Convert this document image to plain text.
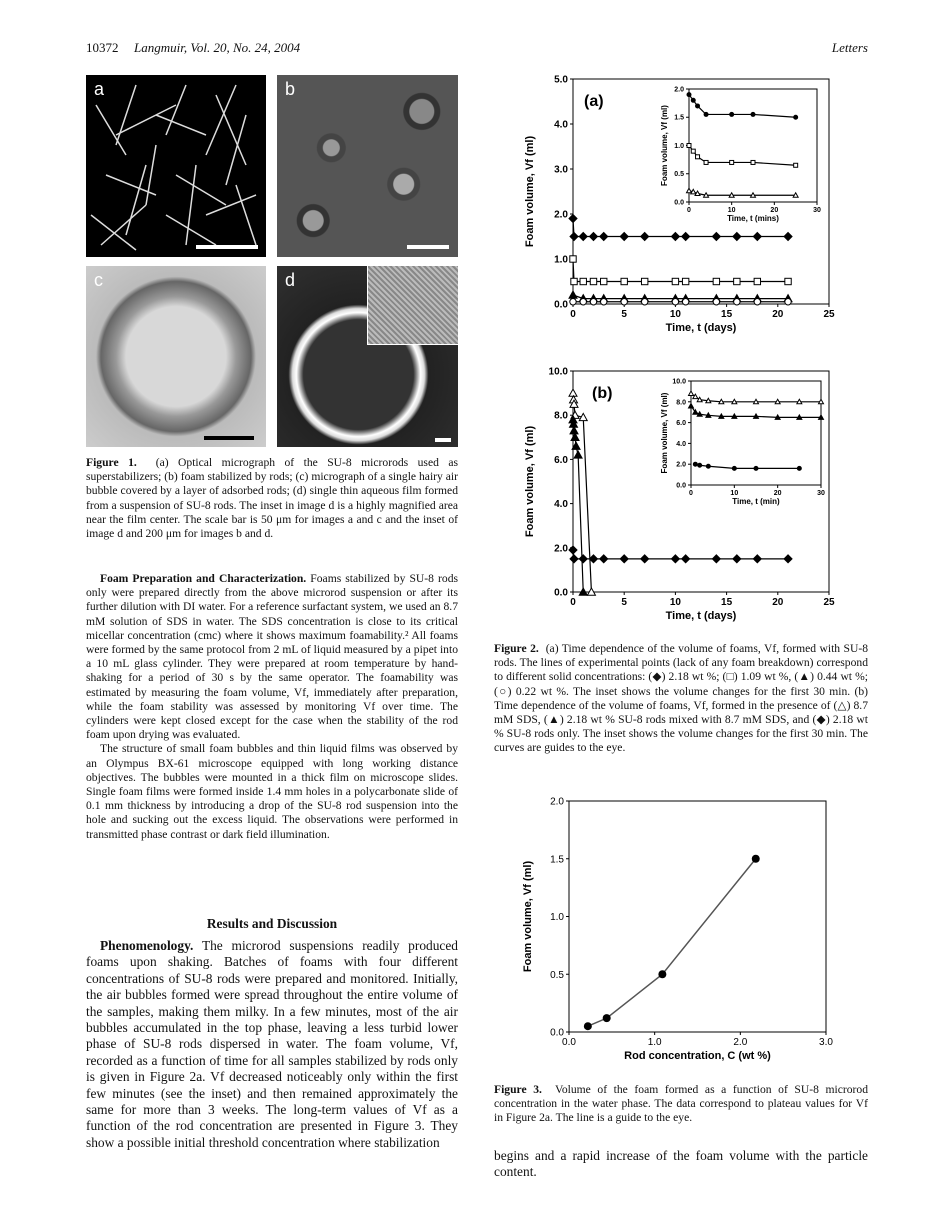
10372 Langmuir, Vol. 20, No. 24, 2004	Letters
a	b
c	d
Figure 1. (a) Optical micrograph of the SU-8 microrods used as superstabilizers; (b) foam stabilized by rods; (c) micrograph of a single hairy air bubble covered by a layer of adsorbed rods; (d) single thin aqueous film formed from a suspension of SU-8 rods. The inset in image d is a highly magnified area near the film center. The scale bar is 50 μm for images a and c and the inset of image d and 200 μm for images b and d.

Foam Preparation and Characterization. Foams stabilized by SU-8 rods only were prepared directly from the above microrod suspension or after its further dilution with DI water. For a reference surfactant system, we used an 8.7 mM solution of SDS in water. The SDS concentration is close to its critical micellar concentration (cmc) where it shows maximum foamability.² All foams were formed by the same protocol from 2 mL of liquid measured by a pipet into a 10 mL glass cylinder. They were prepared at room temperature by hand-shaking for a period of 30 s by the same operator. The foamability was estimated by measuring the foam volume, Vf, immediately after preparation, while the foam stability was assessed by monitoring Vf over time. The cylinders were kept closed except for the case when the stability of the rod foam upon drying was evaluated.

The structure of small foam bubbles and thin liquid films was observed by an Olympus BX-61 microscope equipped with long working distance objectives. The bubbles were mounted in a thick film on microscope slides. Single foam films were formed inside 1.4 mm holes in a polycarbonate slide of 0.1 mm thickness by introducing a drop of the SU-8 rod suspension into the hole and sucking out the excess liquid. The observations were performed in transmitted phase contrast or dark field illumination.

Results and Discussion

Phenomenology. The microrod suspensions readily produced foams upon shaking. Batches of foams with four different concentrations of SU-8 rods were prepared and monitored. Initially, the air bubbles formed were spread throughout the entire volume of the samples, making them milky. In a few minutes, most of the air bubbles accumulated in the top phase, leaving a less turbid lower phase of SU-8 rods dispersed in water. The foam volume, Vf, recorded as a function of time for all samples stabilized by rods only is given in Figure 2a. Vf decreased noticeably only within the first few minutes (see the inset) and then remained approximately the same for more than 3 weeks. The long-term values of Vf as a function of the rod concentration are presented in Figure 3. They show a possible initial threshold concentration where stabilization

0	5	10	15	20	25
0.0
1.0
2.0
3.0
4.0
5.0
Time, t (days)
Foam volume, Vf (ml)
(a)
0	10	20	30
0.0
0.5
1.0
1.5
2.0
Time, t (mins)
Foam volume, Vf (ml)
0	5	10	15	20	25
0.0
2.0
4.0
6.0
8.0
10.0
Time, t (days)
Foam volume, Vf (ml)
(b)
0	10	20	30
0.0
2.0
4.0
6.0
8.0
10.0
Time, t (min)
Foam volume, Vf (ml)
Figure 2. (a) Time dependence of the volume of foams, Vf, formed with SU-8 rods. The lines of experimental points (lack of any foam breakdown) correspond to different solid concentrations: (◆) 2.18 wt %; (□) 1.09 wt %, (▲) 0.44 wt %; (○) 0.22 wt %. The inset shows the volume changes for the first 30 min. (b) Time dependence of the volume of foams, Vf, formed in the presence of (△) 8.7 mM SDS, (▲) 2.18 wt % SU-8 rods mixed with 8.7 mM SDS, and (◆) 2.18 wt % SU-8 rods only. The inset shows the volume changes for the first 30 min. The curves are guides to the eye.
0.0	1.0	2.0	3.0
0.0
0.5
1.0
1.5
2.0
Rod concentration, C (wt %)
Foam volume, Vf (ml)
Figure 3. Volume of the foam formed as a function of SU-8 microrod concentration in the water phase. The data correspond to plateau values for Vf in Figure 2a. The line is a guide to the eye.
begins and a rapid increase of the foam volume with the particle content.
